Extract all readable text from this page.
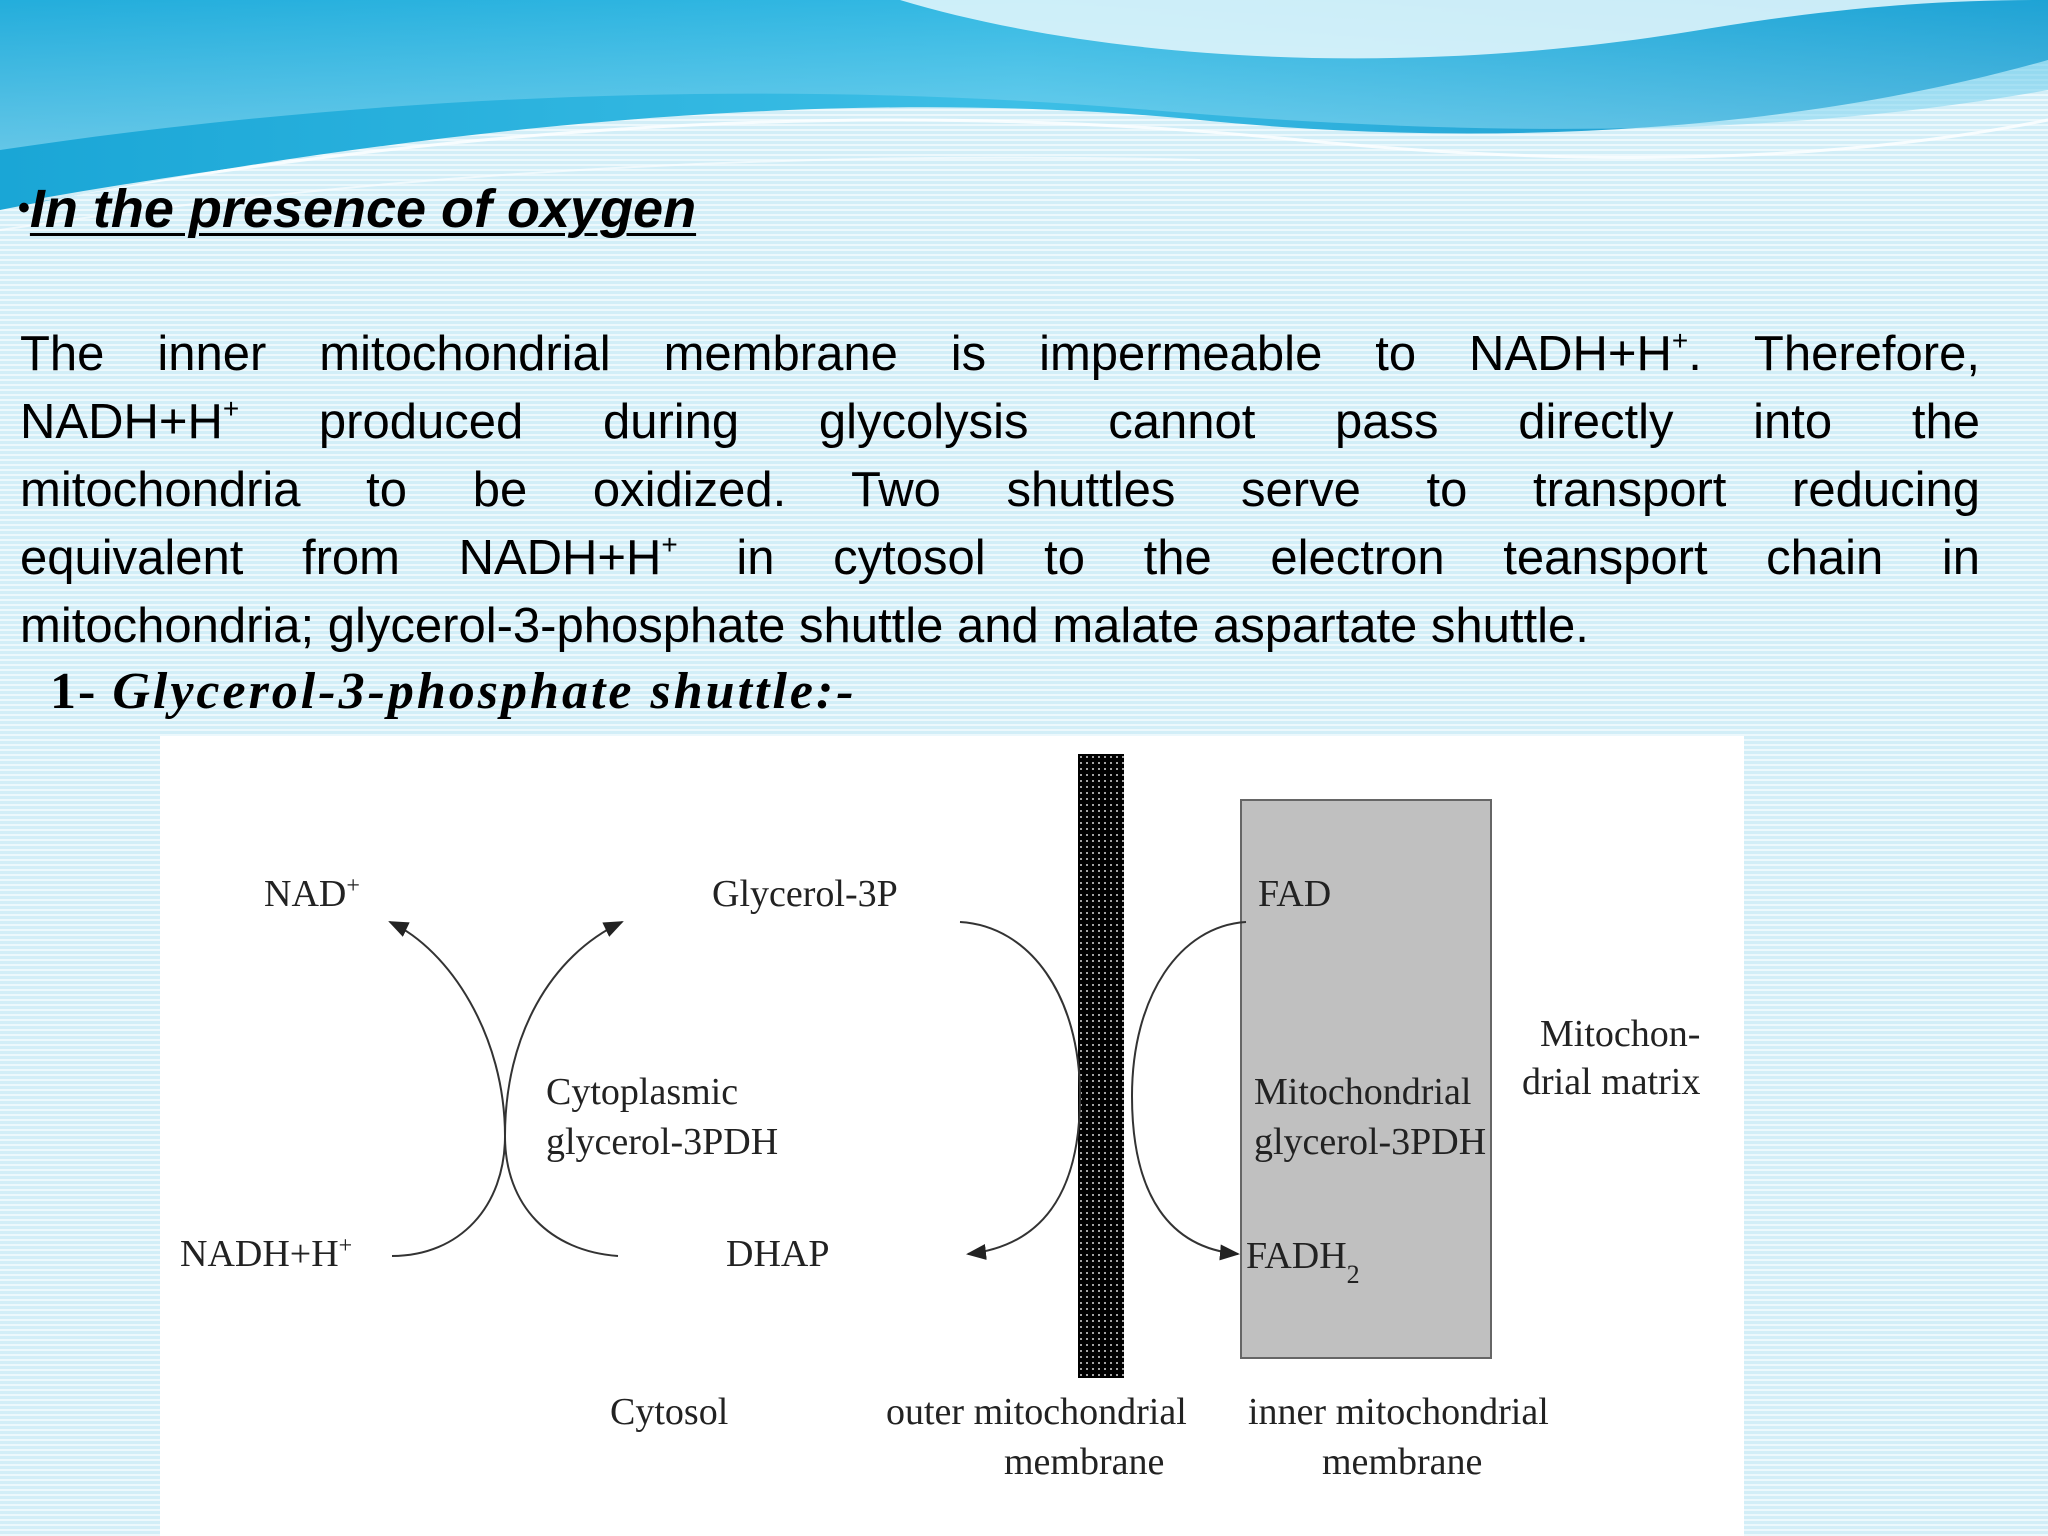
•In the presence of oxygen
The inner mitochondrial membrane is impermeable to NADH+H+. Therefore,
NADH+H+ produced during glycolysis cannot pass directly into the
mitochondria to be oxidized. Two shuttles serve to transport reducing
equivalent from NADH+H+ in cytosol to the electron teansport chain in
mitochondria; glycerol-3-phosphate shuttle and malate aspartate shuttle.
1- Glycerol-3-phosphate shuttle:-
NAD+
NADH+H+
Glycerol-3P
DHAP
Cytoplasmic
glycerol-3PDH
FAD
$FADH_2$
Mitochondrial
glycerol-3PDH
Mitochon-
drial matrix
Cytosol	outer mitochondrial
membrane
inner mitochondrial
membrane
